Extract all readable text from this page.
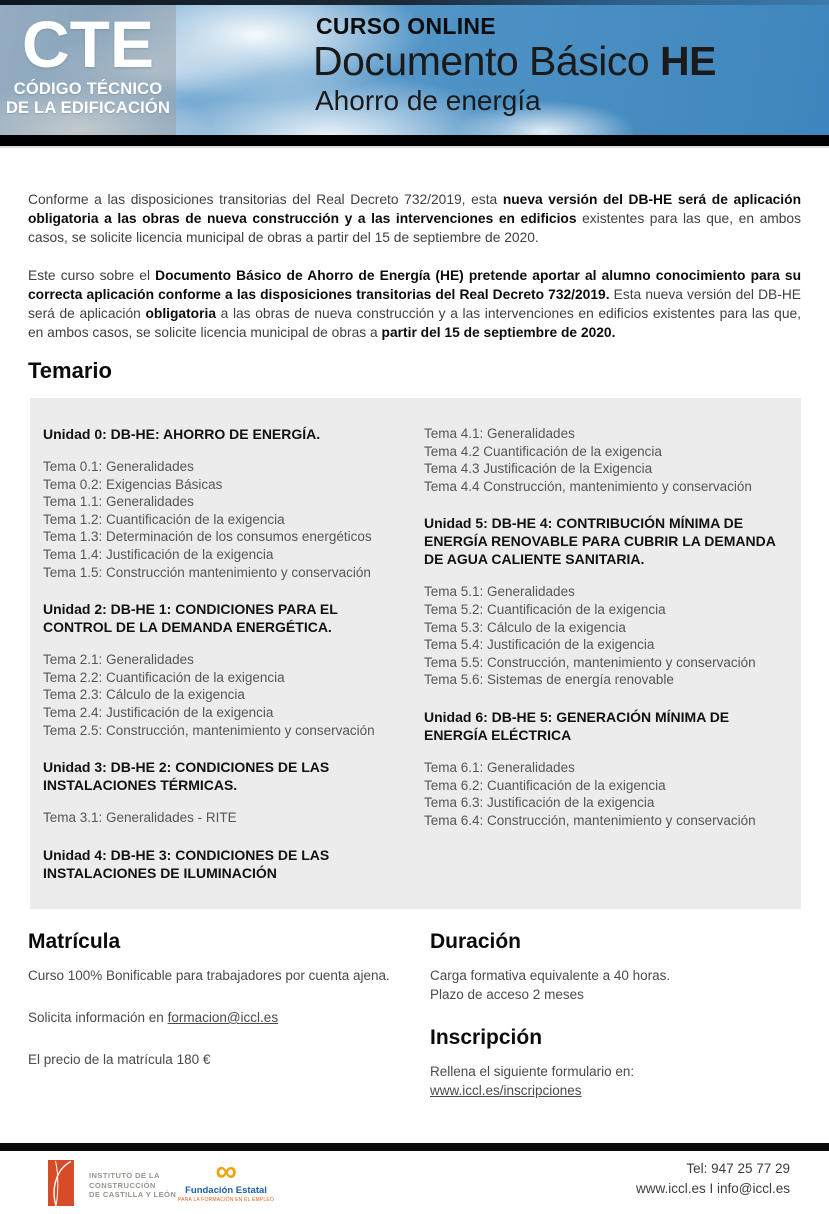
CTE
CÓDIGO TÉCNICO
DE LA EDIFICACIÓN
CURSO ONLINE
Documento Básico HE
Ahorro de energía

Conforme a las disposiciones transitorias del Real Decreto 732/2019, esta nueva versión del DB-HE será de aplicación obligatoria a las obras de nueva construcción y a las intervenciones en edificios existentes para las que, en ambos casos, se solicite licencia municipal de obras a partir del 15 de septiembre de 2020.

Este curso sobre el Documento Básico de Ahorro de Energía (HE) pretende aportar al alumno conocimiento para su correcta aplicación conforme a las disposiciones transitorias del Real Decreto 732/2019. Esta nueva versión del DB-HE será de aplicación obligatoria a las obras de nueva construcción y a las intervenciones en edificios existentes para las que, en ambos casos, se solicite licencia municipal de obras a partir del 15 de septiembre de 2020.

Temario
Unidad 0: DB-HE: AHORRO DE ENERGÍA.
Tema 0.1: Generalidades
Tema 0.2: Exigencias Básicas
Tema 1.1: Generalidades
Tema 1.2: Cuantificación de la exigencia
Tema 1.3: Determinación de los consumos energéticos
Tema 1.4: Justificación de la exigencia
Tema 1.5: Construcción mantenimiento y conservación
Unidad 2: DB-HE 1: CONDICIONES PARA EL CONTROL DE LA DEMANDA ENERGÉTICA.
Tema 2.1: Generalidades
Tema 2.2: Cuantificación de la exigencia
Tema 2.3: Cálculo de la exigencia
Tema 2.4: Justificación de la exigencia
Tema 2.5: Construcción, mantenimiento y conservación
Unidad 3: DB-HE 2: CONDICIONES DE LAS INSTALACIONES TÉRMICAS.
Tema 3.1: Generalidades - RITE
Unidad 4: DB-HE 3: CONDICIONES DE LAS INSTALACIONES DE ILUMINACIÓN
Tema 4.1: Generalidades
Tema 4.2 Cuantificación de la exigencia
Tema 4.3 Justificación de la Exigencia
Tema 4.4 Construcción, mantenimiento y conservación
Unidad 5: DB-HE 4: CONTRIBUCIÓN MÍNIMA DE ENERGÍA RENOVABLE PARA CUBRIR LA DEMANDA DE AGUA CALIENTE SANITARIA.
Tema 5.1: Generalidades
Tema 5.2: Cuantificación de la exigencia
Tema 5.3: Cálculo de la exigencia
Tema 5.4: Justificación de la exigencia
Tema 5.5: Construcción, mantenimiento y conservación
Tema 5.6: Sistemas de energía renovable
Unidad 6: DB-HE 5: GENERACIÓN MÍNIMA DE ENERGÍA ELÉCTRICA
Tema 6.1: Generalidades
Tema 6.2: Cuantificación de la exigencia
Tema 6.3: Justificación de la exigencia
Tema 6.4: Construcción, mantenimiento y conservación
Matrícula

Curso 100% Bonificable para trabajadores por cuenta ajena.

Solicita información en formacion@iccl.es

El precio de la matrícula 180 €

Duración

Carga formativa equivalente a 40 horas.

Plazo de acceso 2 meses

Inscripción

Rellena el siguiente formulario en:

www.iccl.es/inscripciones

INSTITUTO DE LA
CONSTRUCCIÓN
DE CASTILLA Y LEÓN
∞
Fundación Estatal
PARA LA FORMACIÓN EN EL EMPLEO
Tel: 947 25 77 29
www.iccl.es I info@iccl.es
